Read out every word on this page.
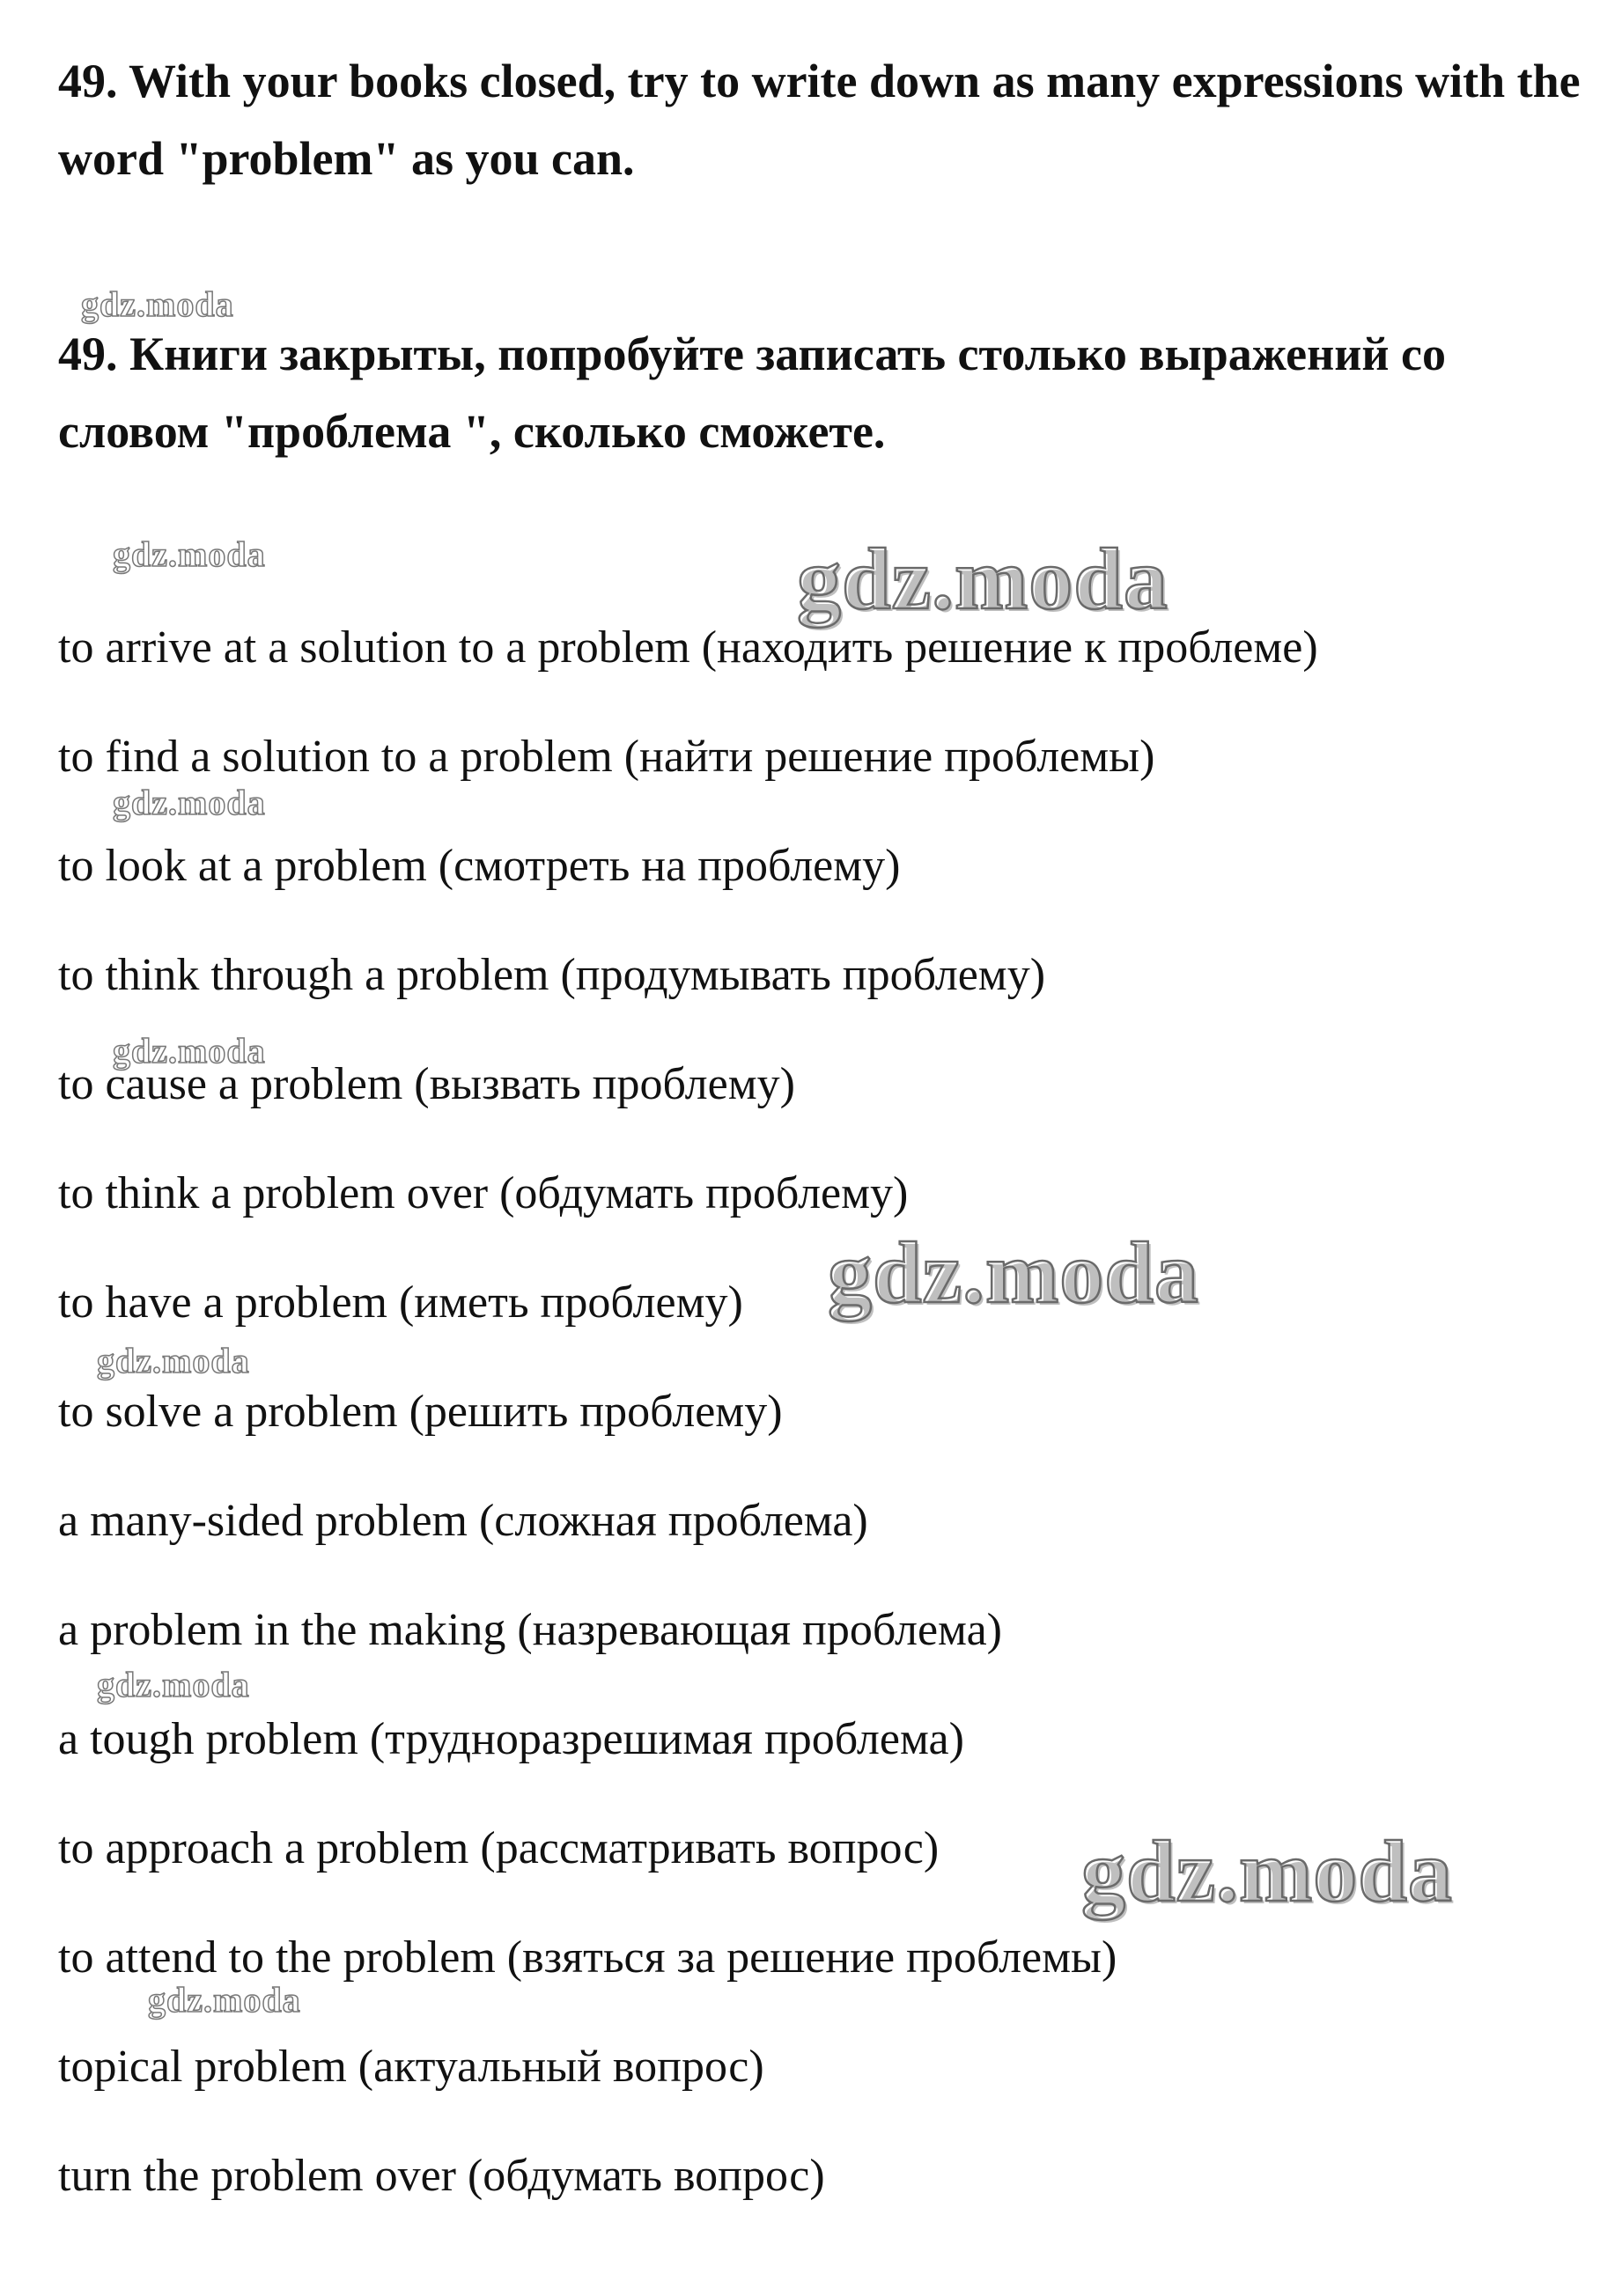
49. With your books closed, try to write down as many expressions with the word "problem" as you can.
49. Книги закрыты, попробуйте записать столько выражений со словом "проблема ", сколько сможете.

to arrive at a solution to a problem (находить решение к проблеме)

to find a solution to a problem (найти решение проблемы)

to look at a problem (смотреть на проблему)

to think through a problem (продумывать проблему)

to cause a problem (вызвать проблему)

to think a problem over (обдумать проблему)

to have a problem (иметь проблему)

to solve a problem (решить проблему)

a many-sided problem (сложная проблема)

a problem in the making (назревающая проблема)

a tough problem (трудноразрешимая проблема)

to approach a problem (рассматривать вопрос)

to attend to the problem (взяться за решение проблемы)

topical problem (актуальный вопрос)

turn the problem over (обдумать вопрос)

gdz.moda
gdz.moda	gdz.moda
gdz.moda
gdz.moda
gdz.moda
gdz.moda
gdz.moda
gdz.moda
gdz.moda
